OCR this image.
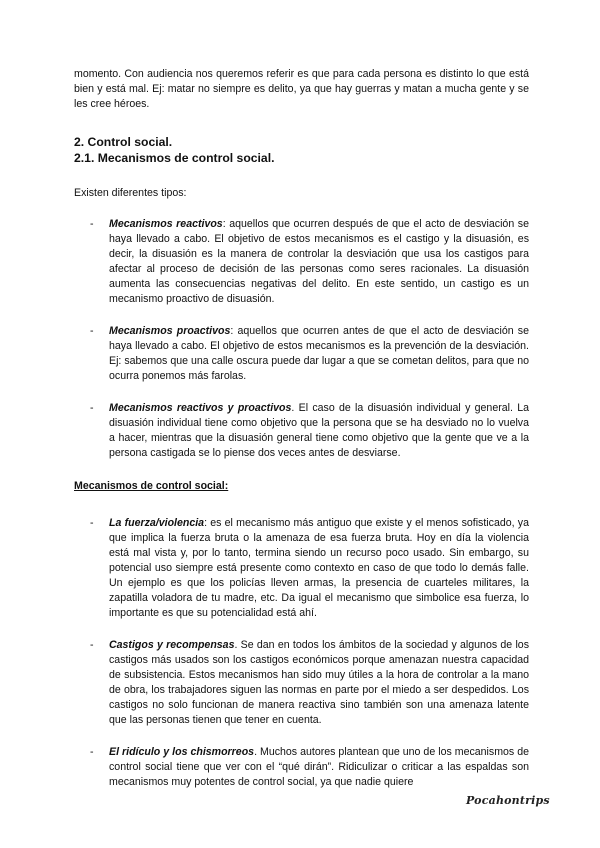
momento. Con audiencia nos queremos referir es que para cada persona es distinto lo que está bien y está mal. Ej: matar no siempre es delito, ya que hay guerras y matan a mucha gente y se les cree héroes.

2. Control social.
2.1. Mecanismos de control social.

Existen diferentes tipos:

- Mecanismos reactivos: aquellos que ocurren después de que el acto de desviación se haya llevado a cabo. El objetivo de estos mecanismos es el castigo y la disuasión, es decir, la disuasión es la manera de controlar la desviación que usa los castigos para afectar al proceso de decisión de las personas como seres racionales. La disuasión aumenta las consecuencias negativas del delito. En este sentido, un castigo es un mecanismo proactivo de disuasión.
- Mecanismos proactivos: aquellos que ocurren antes de que el acto de desviación se haya llevado a cabo. El objetivo de estos mecanismos es la prevención de la desviación. Ej: sabemos que una calle oscura puede dar lugar a que se cometan delitos, para que no ocurra ponemos más farolas.
- Mecanismos reactivos y proactivos. El caso de la disuasión individual y general. La disuasión individual tiene como objetivo que la persona que se ha desviado no lo vuelva a hacer, mientras que la disuasión general tiene como objetivo que la gente que ve a la persona castigada se lo piense dos veces antes de desviarse.

Mecanismos de control social:

- La fuerza/violencia: es el mecanismo más antiguo que existe y el menos sofisticado, ya que implica la fuerza bruta o la amenaza de esa fuerza bruta. Hoy en día la violencia está mal vista y, por lo tanto, termina siendo un recurso poco usado. Sin embargo, su potencial uso siempre está presente como contexto en caso de que todo lo demás falle. Un ejemplo es que los policías lleven armas, la presencia de cuarteles militares, la zapatilla voladora de tu madre, etc. Da igual el mecanismo que simbolice esa fuerza, lo importante es que su potencialidad está ahí.
- Castigos y recompensas. Se dan en todos los ámbitos de la sociedad y algunos de los castigos más usados son los castigos económicos porque amenazan nuestra capacidad de subsistencia. Estos mecanismos han sido muy útiles a la hora de controlar a la mano de obra, los trabajadores siguen las normas en parte por el miedo a ser despedidos. Los castigos no solo funcionan de manera reactiva sino también son una amenaza latente que las personas tienen que tener en cuenta.
- El ridículo y los chismorreos. Muchos autores plantean que uno de los mecanismos de control social tiene que ver con el “qué dirán”. Ridiculizar o criticar a las espaldas son mecanismos muy potentes de control social, ya que nadie quiere
Pocahontrips
